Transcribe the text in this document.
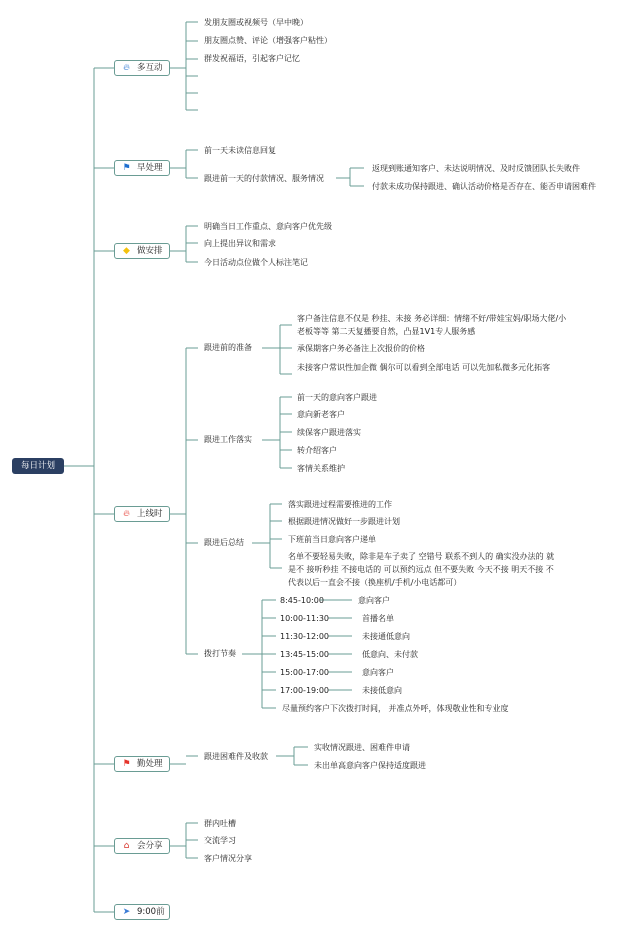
每日计划
🔥︎ 多互动
发朋友圈或视频号（早中晚）
朋友圈点赞、评论（增强客户粘性）
群发祝福语，引起客户记忆
⚑ 早处理
前一天未读信息回复
跟进前一天的付款情况、服务情况
返现到账通知客户、未达说明情况、及时反馈团队长失败件
付款未成功保持跟进、确认活动价格是否存在、能否申请困难件
◆ 做安排
明确当日工作重点、意向客户优先级
向上提出异议和需求
今日活动点位做个人标注笔记
🔥︎ 上线时
跟进前的准备
客户备注信息不仅是 秒挂、未接 务必详细：情绪不好/带娃宝妈/职场大佬/小老板等等 第二天复播要自然，凸显1V1专人服务感
承保期客户务必备注上次报价的价格
未接客户常识性加企微 偶尔可以看到全部电话 可以先加私微多元化拓客
跟进工作落实
前一天的意向客户跟进
意向新老客户
续保客户跟进落实
转介绍客户
客情关系维护
跟进后总结
落实跟进过程需要推进的工作
根据跟进情况做好一步跟进计划
下班前当日意向客户递单
名单不要轻易失败，除非是车子卖了 空错号 联系不到人的 确实没办法的 就是不 接听秒挂 不接电话的 可以预约远点 但不要失败 今天不接 明天不接 不代表以后一直会不接（换座机/手机/小电话都可）
拨打节奏
8:45-10:00	意向客户
10:00-11:30	首播名单
11:30-12:00	未接通低意向
13:45-15:00	低意向、未付款
15:00-17:00	意向客户
17:00-19:00	未接低意向
尽量预约客户下次拨打时间， 并准点外呼，体现敬业性和专业度
⚑ 勤处理
跟进困难件及收款
实收情况跟进、困难件申请
未出单高意向客户保持适度跟进
⌂ 会分享
群内吐槽
交流学习
客户情况分享
➤ 9:00前
